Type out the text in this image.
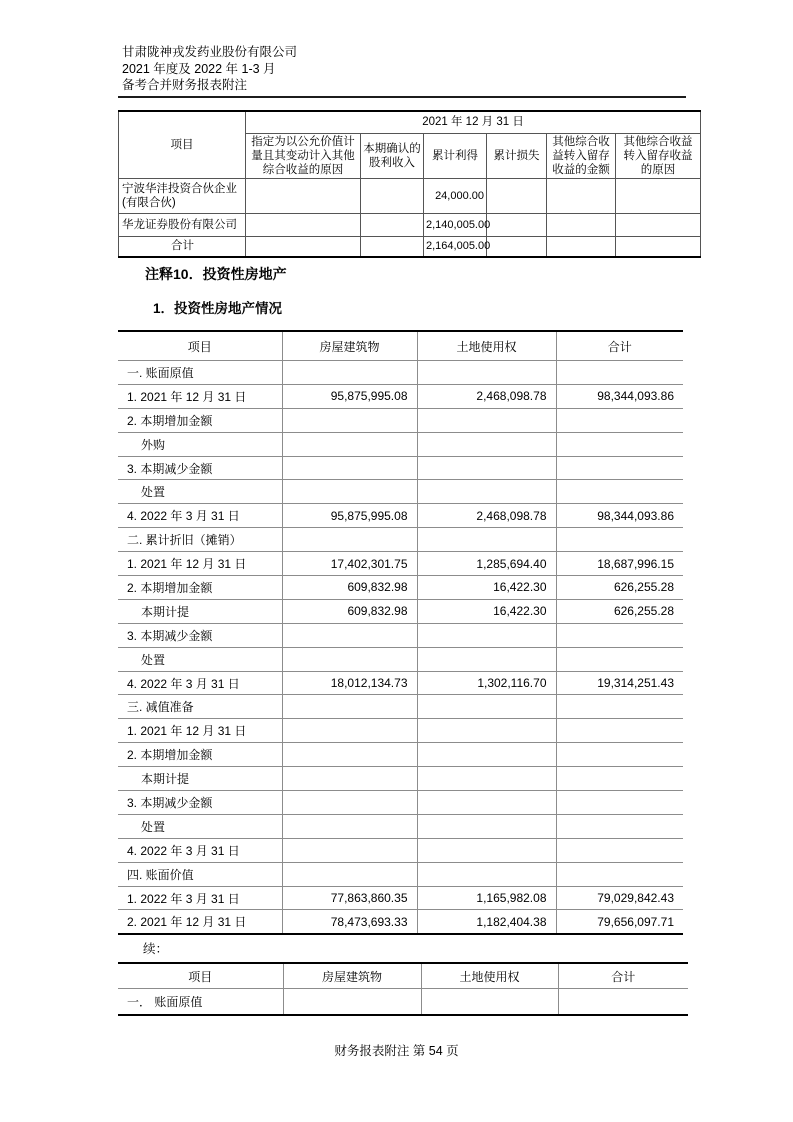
甘肃陇神戎发药业股份有限公司
2021 年度及 2022 年 1-3 月
备考合并财务报表附注
项目	2021 年 12 月 31 日					
	指定为以公允价值计量且其变动计入其他综合收益的原因	本期确认的股利收入	累计利得	累计损失	其他综合收益转入留存收益的金额	其他综合收益转入留存收益的原因
宁波华沣投资合伙企业(有限合伙)			24,000.00			
华龙证券股份有限公司			2,140,005.00			
合计			2,164,005.00			
注释10．投资性房地产
1．投资性房地产情况
项目	房屋建筑物	土地使用权	合计
一. 账面原值			
1. 2021 年 12 月 31 日	95,875,995.08	2,468,098.78	98,344,093.86
2. 本期增加金额			
外购			
3. 本期减少金额			
处置			
4. 2022 年 3 月 31 日	95,875,995.08	2,468,098.78	98,344,093.86
二. 累计折旧（摊销）			
1. 2021 年 12 月 31 日	17,402,301.75	1,285,694.40	18,687,996.15
2. 本期增加金额	609,832.98	16,422.30	626,255.28
本期计提	609,832.98	16,422.30	626,255.28
3. 本期减少金额			
处置			
4. 2022 年 3 月 31 日	18,012,134.73	1,302,116.70	19,314,251.43
三. 减值准备			
1. 2021 年 12 月 31 日			
2. 本期增加金额			
本期计提			
3. 本期减少金额			
处置			
4. 2022 年 3 月 31 日			
四. 账面价值			
1. 2022 年 3 月 31 日	77,863,860.35	1,165,982.08	79,029,842.43
2. 2021 年 12 月 31 日	78,473,693.33	1,182,404.38	79,656,097.71
续：
项目	房屋建筑物	土地使用权	合计
一． 账面原值			
财务报表附注 第 54 页
